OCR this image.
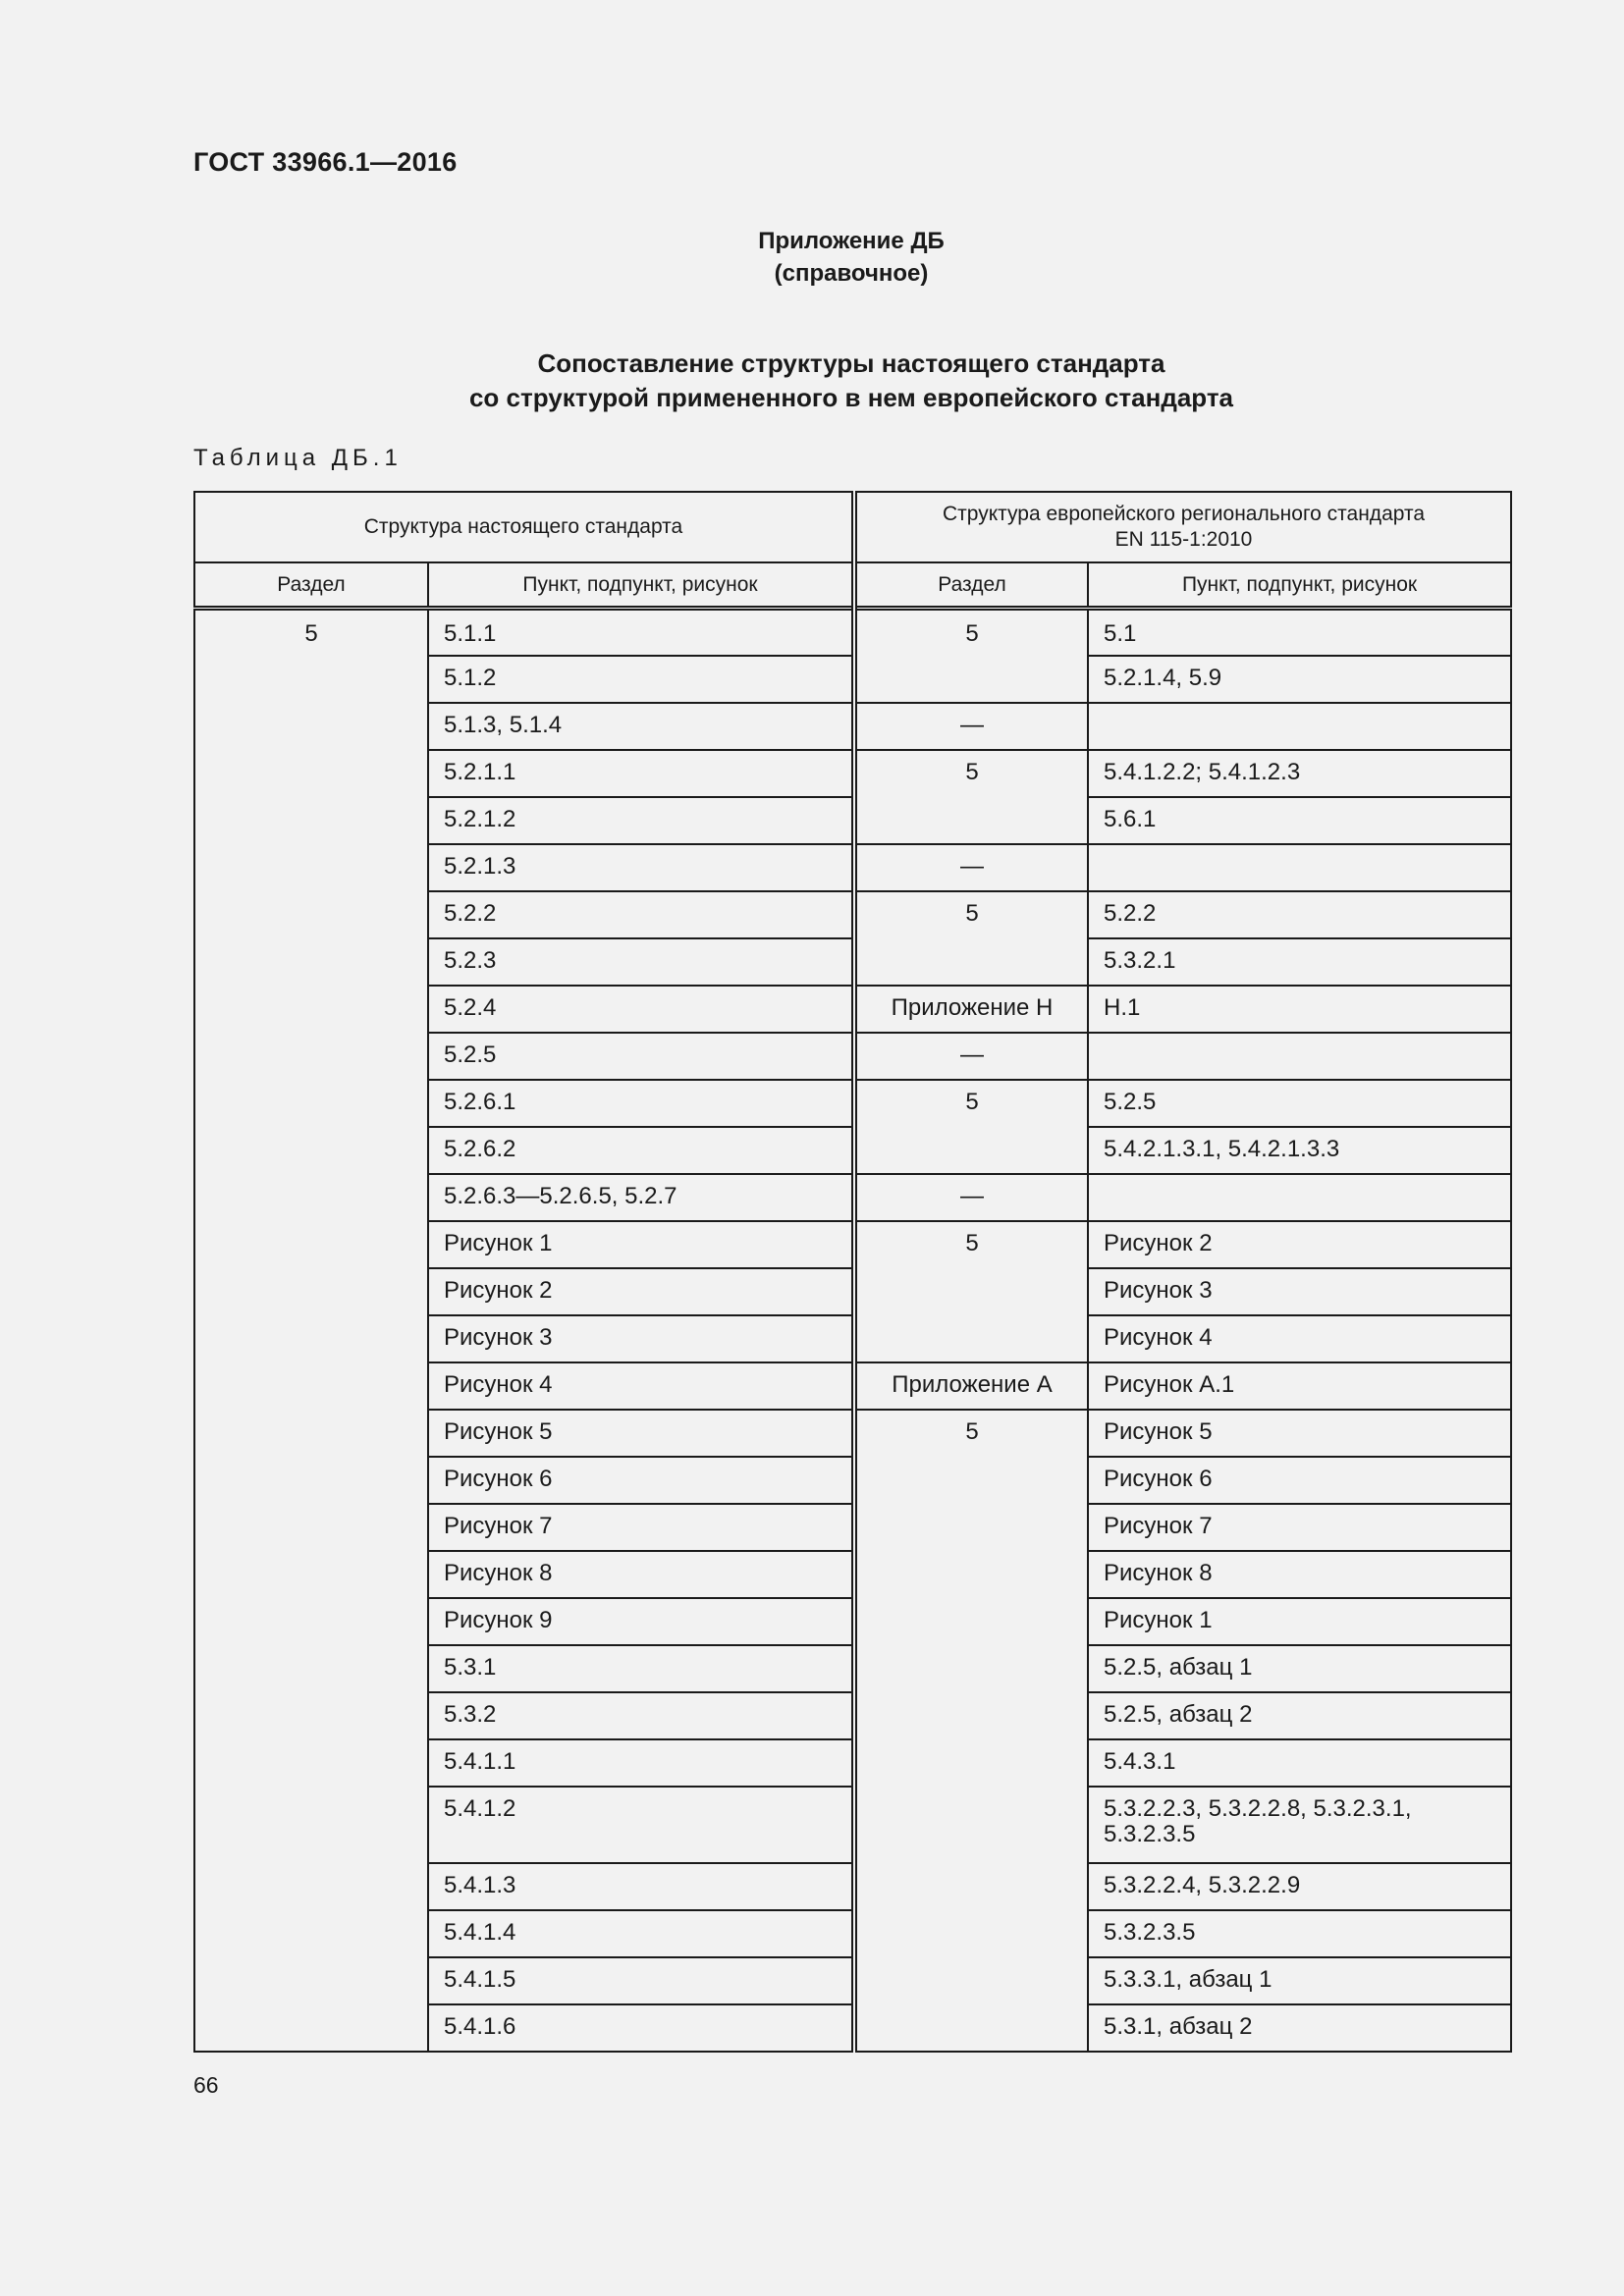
ГОСТ 33966.1—2016
Приложение ДБ
(справочное)
Сопоставление структуры настоящего стандарта
со структурой примененного в нем европейского стандарта
Таблица ДБ.1
Структура настоящего стандарта		Структура европейского регионального стандарта
EN 115-1:2010	

Раздел	Пункт, подпункт, рисунок	Раздел	Пункт, подпункт, рисунок
5	5.1.1	5	5.1
	5.1.2		5.2.1.4, 5.9
	5.1.3, 5.1.4	—	
	5.2.1.1	5	5.4.1.2.2; 5.4.1.2.3
	5.2.1.2		5.6.1
	5.2.1.3	—	
	5.2.2	5	5.2.2
	5.2.3		5.3.2.1
	5.2.4	Приложение Н	Н.1
	5.2.5	—	
	5.2.6.1	5	5.2.5
	5.2.6.2		5.4.2.1.3.1, 5.4.2.1.3.3
	5.2.6.3—5.2.6.5, 5.2.7	—	
	Рисунок 1	5	Рисунок 2
	Рисунок 2		Рисунок 3
	Рисунок 3		Рисунок 4
	Рисунок 4	Приложение А	Рисунок А.1
	Рисунок 5	5	Рисунок 5
	Рисунок 6		Рисунок 6
	Рисунок 7		Рисунок 7
	Рисунок 8		Рисунок 8
	Рисунок 9		Рисунок 1
	5.3.1		5.2.5, абзац 1
	5.3.2		5.2.5, абзац 2
	5.4.1.1		5.4.3.1
	5.4.1.2		5.3.2.2.3, 5.3.2.2.8, 5.3.2.3.1, 5.3.2.3.5
	5.4.1.3		5.3.2.2.4, 5.3.2.2.9
	5.4.1.4		5.3.2.3.5
	5.4.1.5		5.3.3.1, абзац 1
	5.4.1.6		5.3.1, абзац 2
66
